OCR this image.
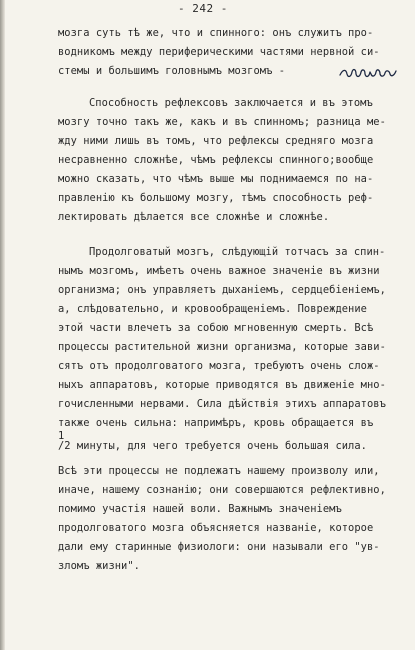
- 242 -
мозга суть тѣ же, что и спинного: онъ служитъ про-
водникомъ между периферическими частями нервной си-
стемы и большимъ головнымъ мозгомъ -
Способность рефлексовъ заключается и въ этомъ
мозгу точно такъ же, какъ и въ спинномъ; разница ме-
жду ними лишь въ томъ, что рефлексы средняго мозга
несравненно сложнѣе, чѣмъ рефлексы спинного;вообще
можно сказать, что чѣмъ выше мы поднимаемся по на-
правленію къ большому мозгу, тѣмъ способность реф-
лектировать дѣлается все сложнѣе и сложнѣе.
Продолговатый мозгъ, слѣдующій тотчасъ за спин-
нымъ мозгомъ, имѣетъ очень важное значеніе въ жизни
организма; онъ управляетъ дыханіемъ, сердцебіеніемъ,
а, слѣдовательно, и кровообращеніемъ. Повреждение
этой части влечетъ за собою мгновенную смерть. Всѣ
процессы растительной жизни организма, которые зави-
сятъ отъ продолговатого мозга, требуютъ очень слож-
ныхъ аппаратовъ, которые приводятся въ движеніе мно-
гочисленными нервами. Сила дѣйствія этихъ аппаратовъ
также очень сильна: напримѣръ, кровь обращается въ
1
/2 минуты, для чего требуется очень большая сила.
Всѣ эти процессы не подлежатъ нашему произволу или,
иначе, нашему сознанію; они совершаются рефлективно,
помимо участія нашей воли. Важнымъ значеніемъ
продолговатого мозга объясняется названіе, которое
дали ему старинные физиологи: они называли его "ув-
зломъ жизни".
